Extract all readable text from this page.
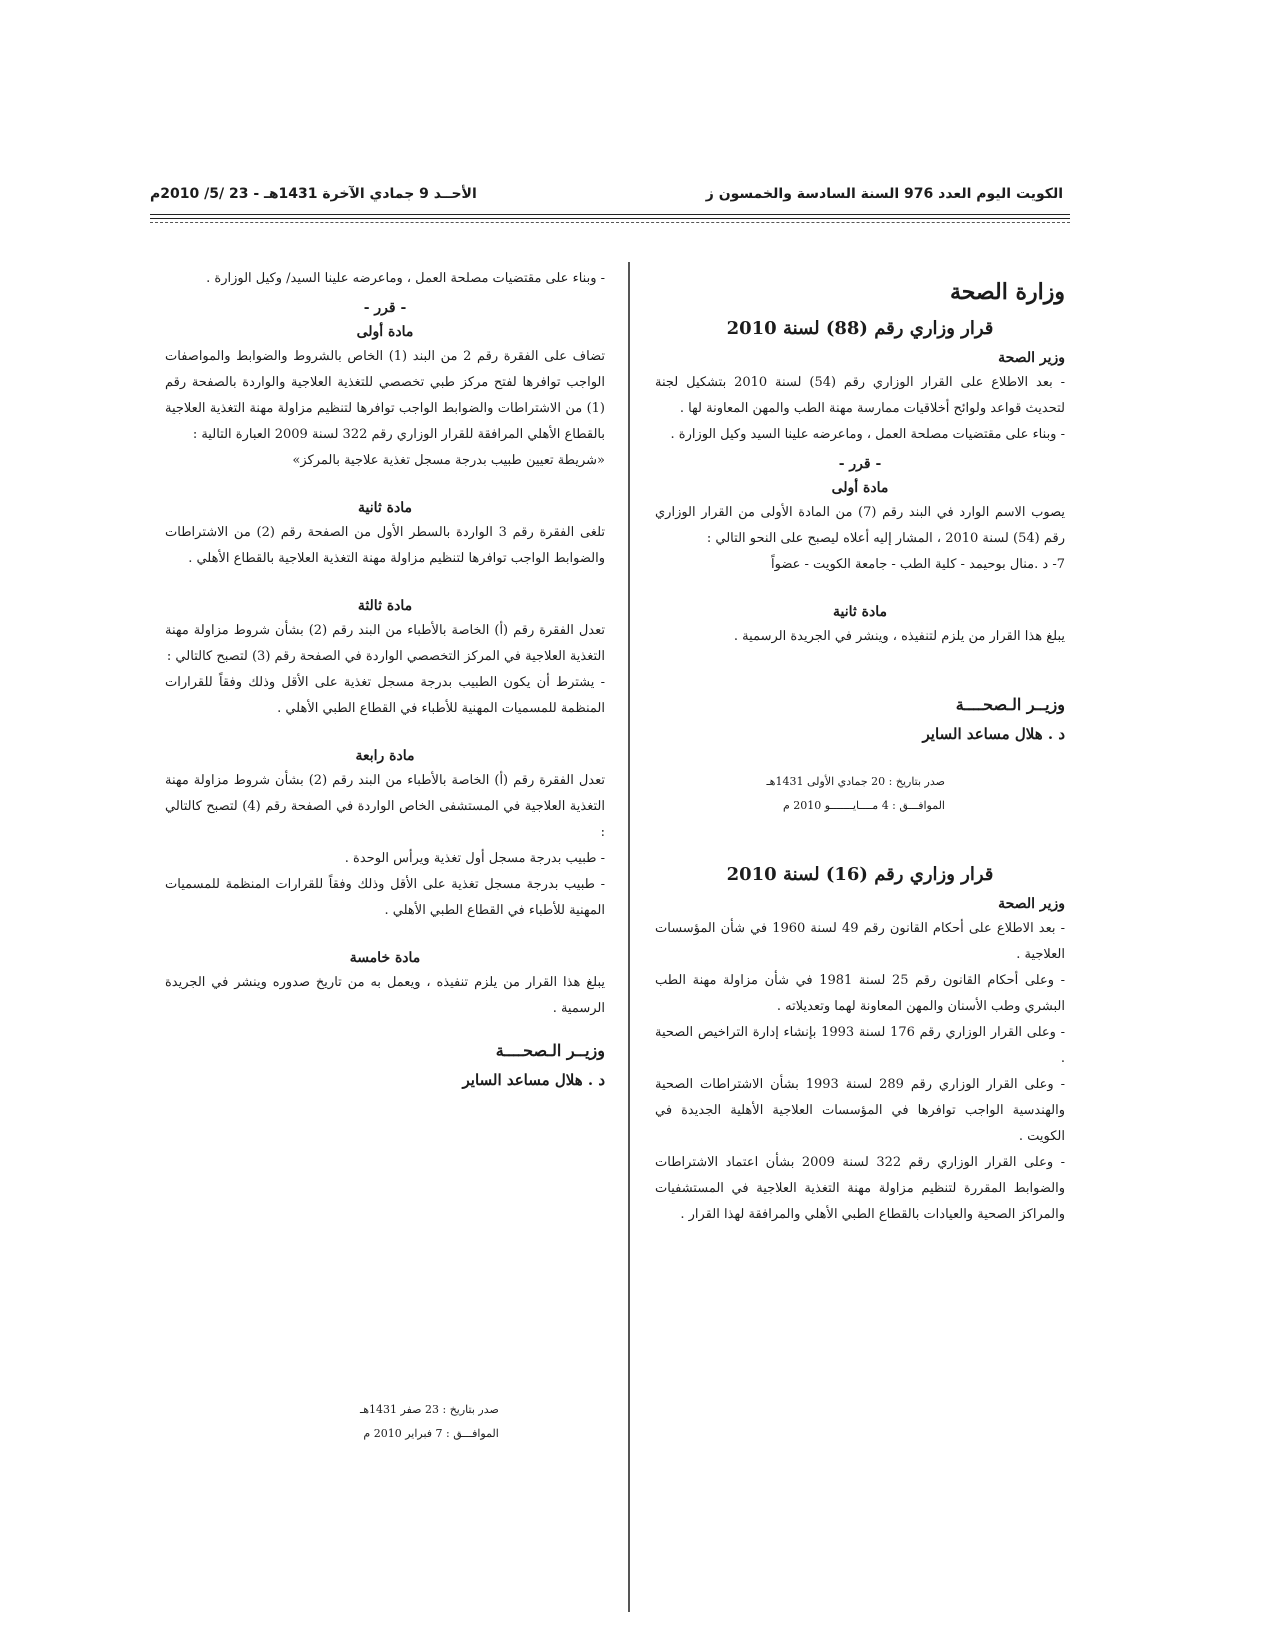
الكويت اليوم العدد 976 السنة السادسة والخمسون ز
الأحــد 9 جمادي الآخرة 1431هـ - 23 /5/ 2010م

وزارة الصحة

قرار وزاري رقم (88) لسنة 2010

وزير الصحة

- بعد الاطلاع على القرار الوزاري رقم (54) لسنة 2010 بتشكيل لجنة لتحديث قواعد ولوائح أخلاقيات ممارسة مهنة الطب والمهن المعاونة لها .

- وبناء على مقتضيات مصلحة العمل ، وماعرضه علينا السيد وكيل الوزارة .

- قرر -

مادة أولى

يصوب الاسم الوارد في البند رقم (7) من المادة الأولى من القرار الوزاري رقم (54) لسنة 2010 ، المشار إليه أعلاه ليصبح على النحو التالي :

7- د .منال بوحيمد - كلية الطب - جامعة الكويت - عضواً

مادة ثانية

يبلغ هذا القرار من يلزم لتنفيذه ، وينشر في الجريدة الرسمية .

وزيــر الـصحــــة

د . هلال مساعد الساير

صدر بتاريخ : 20 جمادي الأولى 1431هـ

الموافـــق : 4 مــــايـــــــو 2010 م

قرار وزاري رقم (16) لسنة 2010

وزير الصحة

- بعد الاطلاع على أحكام القانون رقم 49 لسنة 1960 في شأن المؤسسات العلاجية .

- وعلى أحكام القانون رقم 25 لسنة 1981 في شأن مزاولة مهنة الطب البشري وطب الأسنان والمهن المعاونة لهما وتعديلاته .

- وعلى القرار الوزاري رقم 176 لسنة 1993 بإنشاء إدارة التراخيص الصحية .

- وعلى القرار الوزاري رقم 289 لسنة 1993 بشأن الاشتراطات الصحية والهندسية الواجب توافرها في المؤسسات العلاجية الأهلية الجديدة في الكويت .

- وعلى القرار الوزاري رقم 322 لسنة 2009 بشأن اعتماد الاشتراطات والضوابط المقررة لتنظيم مزاولة مهنة التغذية العلاجية في المستشفيات والمراكز الصحية والعيادات بالقطاع الطبي الأهلي والمرافقة لهذا القرار .

- وبناء على مقتضيات مصلحة العمل ، وماعرضه علينا السيد/ وكيل الوزارة .

- قرر -

مادة أولى

تضاف على الفقرة رقم 2 من البند (1) الخاص بالشروط والضوابط والمواصفات الواجب توافرها لفتح مركز طبي تخصصي للتغذية العلاجية والواردة بالصفحة رقم (1) من الاشتراطات والضوابط الواجب توافرها لتنظيم مزاولة مهنة التغذية العلاجية بالقطاع الأهلي المرافقة للقرار الوزاري رقم 322 لسنة 2009 العبارة التالية :

«شريطة تعيين طبيب بدرجة مسجل تغذية علاجية بالمركز»

مادة ثانية

تلغى الفقرة رقم 3 الواردة بالسطر الأول من الصفحة رقم (2) من الاشتراطات والضوابط الواجب توافرها لتنظيم مزاولة مهنة التغذية العلاجية بالقطاع الأهلي .

مادة ثالثة

تعدل الفقرة رقم (أ) الخاصة بالأطباء من البند رقم (2) بشأن شروط مزاولة مهنة التغذية العلاجية في المركز التخصصي الواردة في الصفحة رقم (3) لتصبح كالتالي :

- يشترط أن يكون الطبيب بدرجة مسجل تغذية على الأقل وذلك وفقاً للقرارات المنظمة للمسميات المهنية للأطباء في القطاع الطبي الأهلي .

مادة رابعة

تعدل الفقرة رقم (أ) الخاصة بالأطباء من البند رقم (2) بشأن شروط مزاولة مهنة التغذية العلاجية في المستشفى الخاص الواردة في الصفحة رقم (4) لتصبح كالتالي :

- طبيب بدرجة مسجل أول تغذية ويرأس الوحدة .

- طبيب بدرجة مسجل تغذية على الأقل وذلك وفقاً للقرارات المنظمة للمسميات المهنية للأطباء في القطاع الطبي الأهلي .

مادة خامسة

يبلغ هذا القرار من يلزم تنفيذه ، ويعمل به من تاريخ صدوره وينشر في الجريدة الرسمية .

وزيــر الـصحــــة

د . هلال مساعد الساير

صدر بتاريخ : 23 صفر 1431هـ
الموافـــق : 7 فبراير 2010 م
